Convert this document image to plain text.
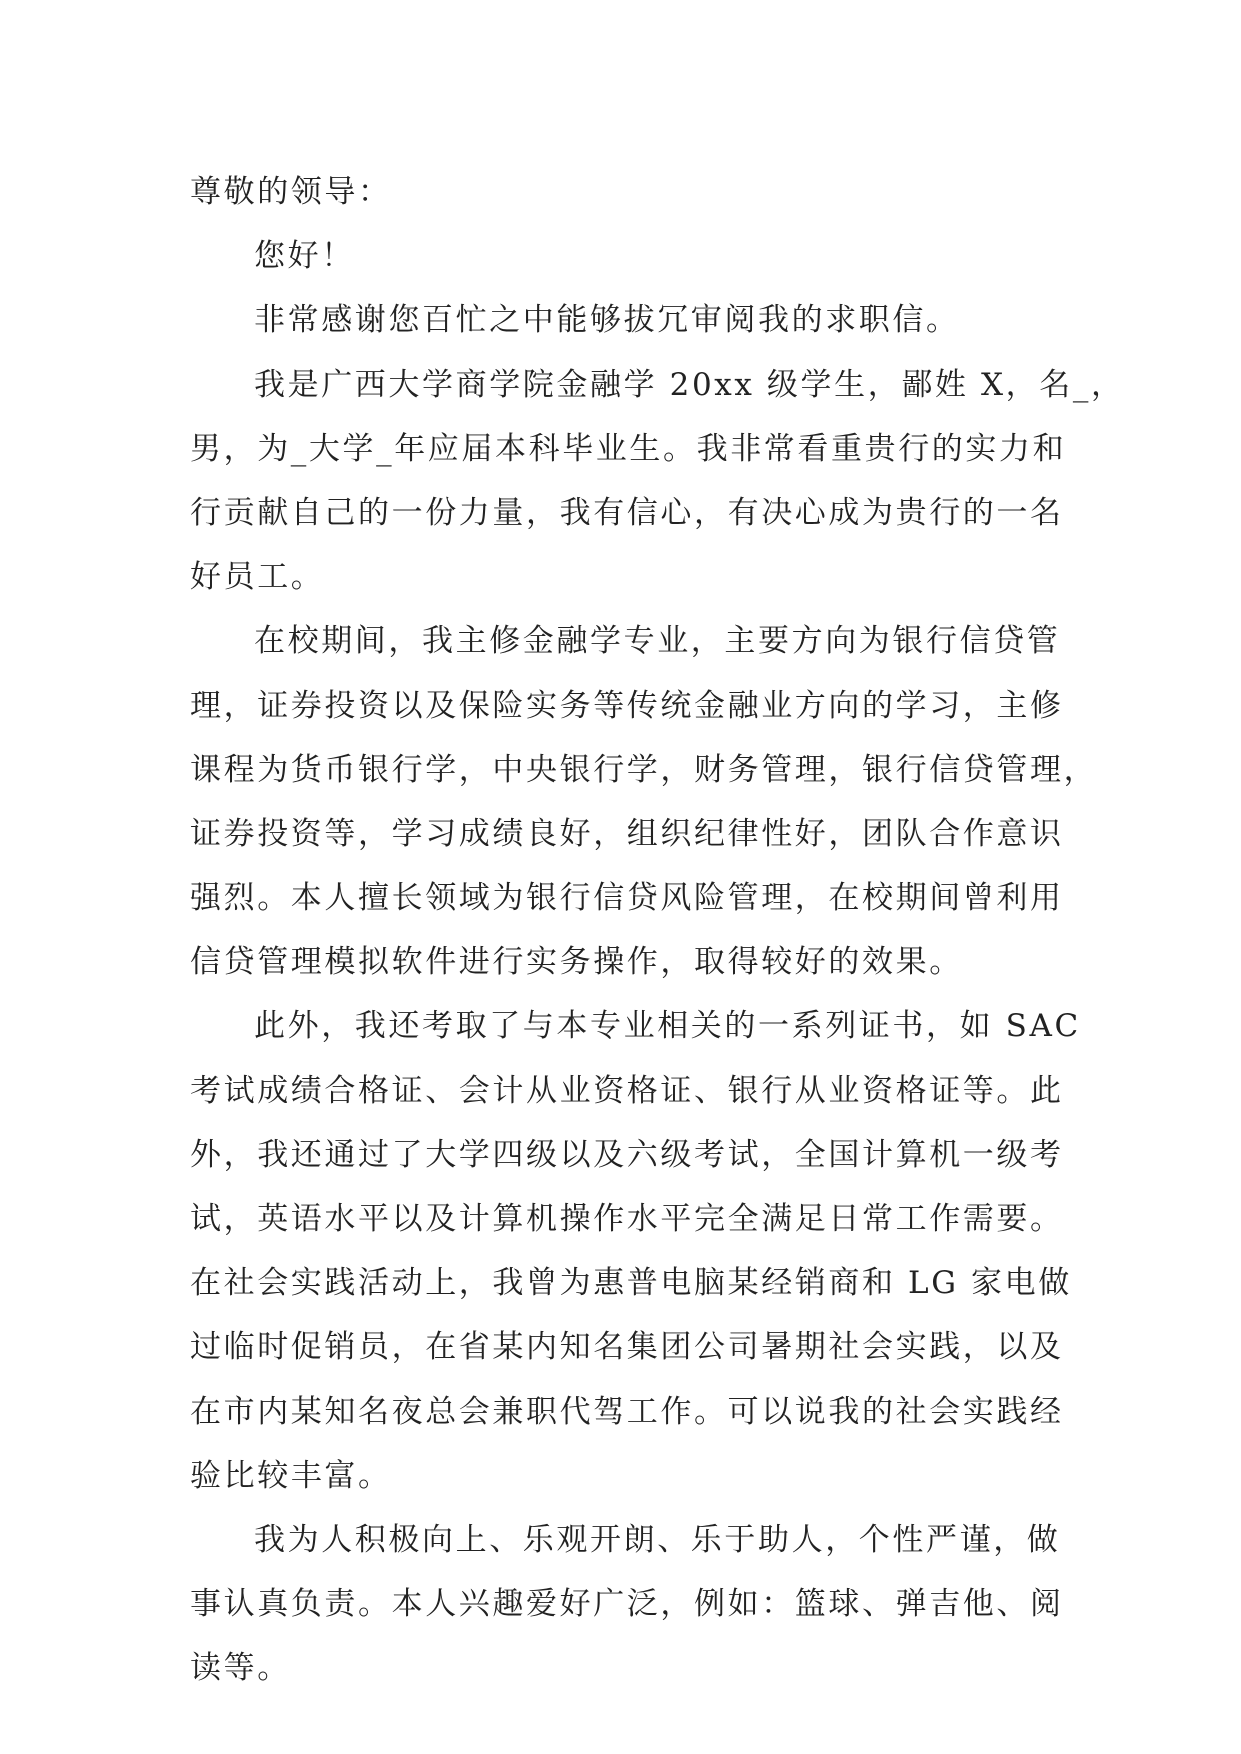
尊敬的领导：
您好！
非常感谢您百忙之中能够拔冗审阅我的求职信。
我是广西大学商学院金融学 20xx 级学生，鄙姓 X，名_，
男，为_大学_年应届本科毕业生。我非常看重贵行的实力和
行贡献自己的一份力量，我有信心，有决心成为贵行的一名
好员工。
在校期间，我主修金融学专业，主要方向为银行信贷管
理，证券投资以及保险实务等传统金融业方向的学习，主修
课程为货币银行学，中央银行学，财务管理，银行信贷管理，
证券投资等，学习成绩良好，组织纪律性好，团队合作意识
强烈。本人擅长领域为银行信贷风险管理，在校期间曾利用
信贷管理模拟软件进行实务操作，取得较好的效果。
此外，我还考取了与本专业相关的一系列证书，如 SAC
考试成绩合格证、会计从业资格证、银行从业资格证等。此
外，我还通过了大学四级以及六级考试，全国计算机一级考
试，英语水平以及计算机操作水平完全满足日常工作需要。
在社会实践活动上，我曾为惠普电脑某经销商和 LG 家电做
过临时促销员，在省某内知名集团公司暑期社会实践，以及
在市内某知名夜总会兼职代驾工作。可以说我的社会实践经
验比较丰富。
我为人积极向上、乐观开朗、乐于助人，个性严谨，做
事认真负责。本人兴趣爱好广泛，例如：篮球、弹吉他、阅
读等。
